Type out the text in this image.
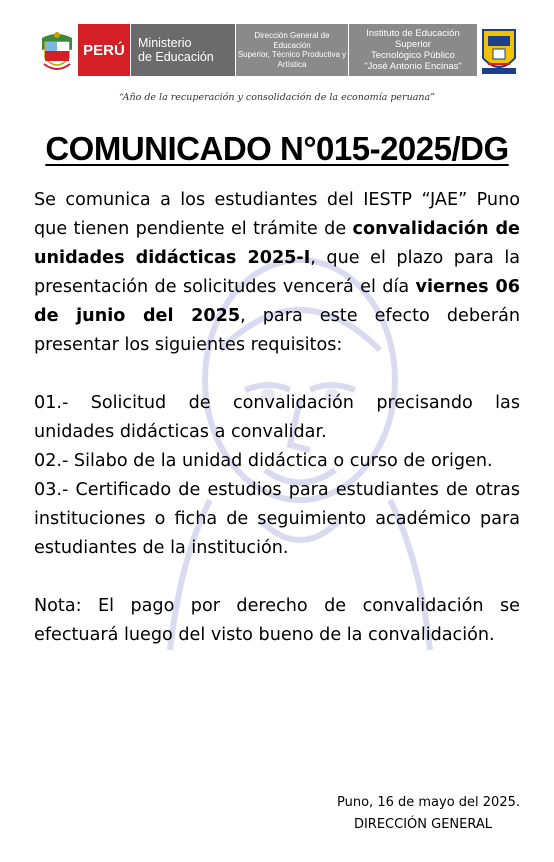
PERÚ Ministerio
de Educación
Dirección General de Educación
Superior, Técnico Productiva y
Artística
Instituto de Educación Superior
Tecnológico Público
"José Antonio Encinas"
“Año de la recuperación y consolidación de la economía peruana”
COMUNICADO N°015-2025/DG

Se comunica a los estudiantes del IESTP “JAE” Puno que tienen pendiente el trámite de convalidación de unidades didácticas 2025-I, que el plazo para la presentación de solicitudes vencerá el día viernes 06 de junio del 2025, para este efecto deberán presentar los siguientes requisitos:

01.- Solicitud de convalidación precisando las unidades didácticas a convalidar.

02.- Silabo de la unidad didáctica o curso de origen.

03.- Certificado de estudios para estudiantes de otras instituciones o ficha de seguimiento académico para estudiantes de la institución.

Nota: El pago por derecho de convalidación se efectuará luego del visto bueno de la convalidación.

Puno, 16 de mayo del 2025.
DIRECCIÓN GENERAL
